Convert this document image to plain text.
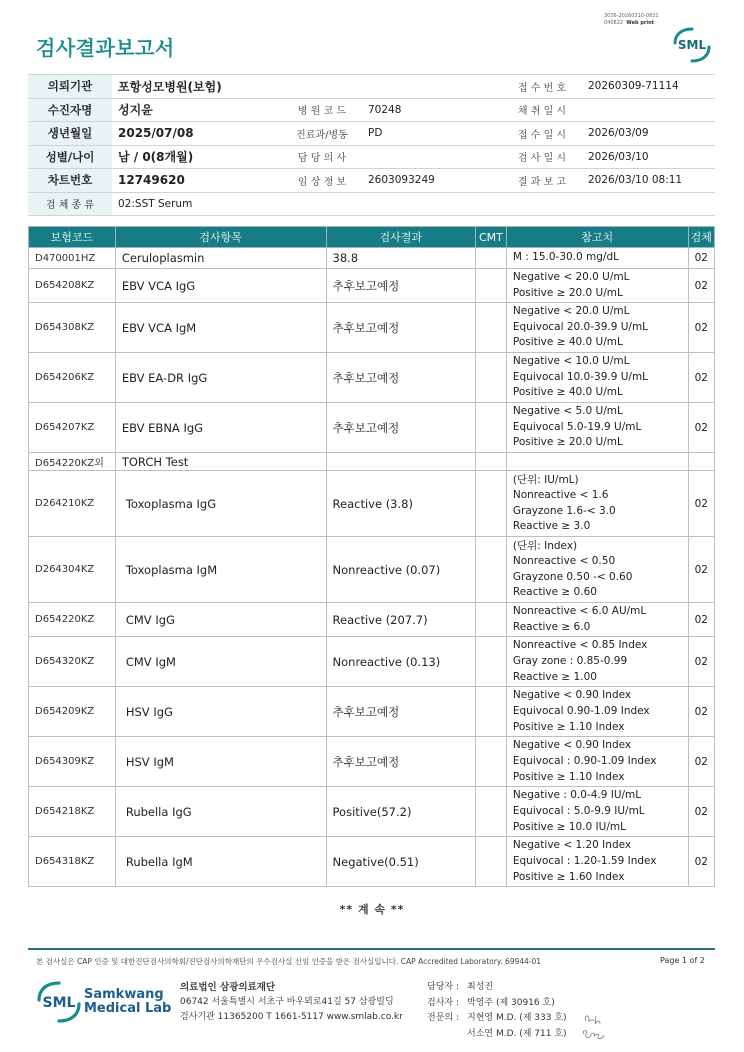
3036-20260310-0831
040822 Web print
검사결과보고서	SML
의뢰기관	포항성모병원(보험)			접 수 번 호	20260309-71114
수진자명	성지윤	병 원 코 드	70248	채 취 일 시	
생년월일	2025/07/08	진료과/병동	PD	접 수 일 시	2026/03/09
성별/나이	남 / 0(8개월)	담 당 의 사		검 사 일 시	2026/03/10
차트번호	12749620	임 상 정 보	2603093249	결 과 보 고	2026/03/10 08:11
검 체 종 류	02:SST Serum				
보험코드	검사항목	검사결과	CMT	참고치	검체
D470001HZ	Ceruloplasmin	38.8		M : 15.0-30.0 mg/dL	02
D654208KZ	EBV VCA IgG	추후보고예정		Negative < 20.0 U/mL
Positive ≥ 20.0 U/mL	02
D654308KZ	EBV VCA IgM	추후보고예정		Negative < 20.0 U/mL
Equivocal 20.0-39.9 U/mL
Positive ≥ 40.0 U/mL	02
D654206KZ	EBV EA-DR IgG	추후보고예정		Negative < 10.0 U/mL
Equivocal 10.0-39.9 U/mL
Positive ≥ 40.0 U/mL	02
D654207KZ	EBV EBNA IgG	추후보고예정		Negative < 5.0 U/mL
Equivocal 5.0-19.9 U/mL
Positive ≥ 20.0 U/mL	02
D654220KZ외	TORCH Test				
D264210KZ	Toxoplasma IgG	Reactive (3.8)		(단위: IU/mL)
Nonreactive < 1.6
Grayzone 1.6-< 3.0
Reactive ≥ 3.0	02
D264304KZ	Toxoplasma IgM	Nonreactive (0.07)		(단위: Index)
Nonreactive < 0.50
Grayzone 0.50 -< 0.60
Reactive ≥ 0.60	02
D654220KZ	CMV IgG	Reactive (207.7)		Nonreactive < 6.0 AU/mL
Reactive ≥ 6.0	02
D654320KZ	CMV IgM	Nonreactive (0.13)		Nonreactive < 0.85 Index
Gray zone : 0.85-0.99
Reactive ≥ 1.00	02
D654209KZ	HSV IgG	추후보고예정		Negative < 0.90 Index
Equivocal 0.90-1.09 Index
Positive ≥ 1.10 Index	02
D654309KZ	HSV IgM	추후보고예정		Negative < 0.90 Index
Equivocal : 0.90-1.09 Index
Positive ≥ 1.10 Index	02
D654218KZ	Rubella IgG	Positive(57.2)		Negative : 0.0-4.9 IU/mL
Equivocal : 5.0-9.9 IU/mL
Positive ≥ 10.0 IU/mL	02
D654318KZ	Rubella IgM	Negative(0.51)		Negative < 1.20 Index
Equivocal : 1.20-1.59 Index
Positive ≥ 1.60 Index	02
** 계 속 **
본 검사실은 CAP 인증 및 대한진단검사의학회/진단검사의학재단의 우수검사실 신임 인증을 받은 검사실입니다. CAP Accredited Laboratory. 69944-01	Page 1 of 2
SML
Samkwang
Medical Lab
의료법인 삼광의료재단
06742 서울특별시 서초구 바우뫼로41길 57 삼광빌딩
검사기관 11365200 T 1661-5117 www.smlab.co.kr
담당자 : 최성진
검사자 : 박영주 (제 30916 호)
전문의 : 지현영 M.D. (제 333 호)
서소연 M.D. (제 711 호)
